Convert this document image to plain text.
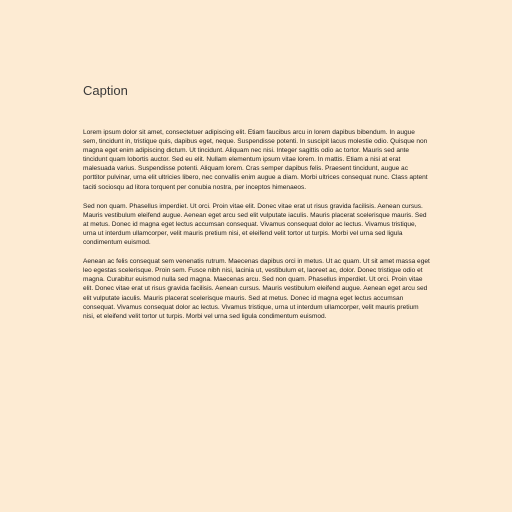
Caption

Lorem ipsum dolor sit amet, consectetuer adipiscing elit. Etiam faucibus arcu in lorem dapibus bibendum. In augue sem, tincidunt in, tristique quis, dapibus eget, neque. Suspendisse potenti. In suscipit lacus molestie odio. Quisque non magna eget enim adipiscing dictum. Ut tincidunt. Aliquam nec nisi. Integer sagittis odio ac tortor. Mauris sed ante tincidunt quam lobortis auctor. Sed eu elit. Nullam elementum ipsum vitae lorem. In mattis. Etiam a nisi at erat malesuada varius. Suspendisse potenti. Aliquam lorem. Cras semper dapibus felis. Praesent tincidunt, augue ac porttitor pulvinar, urna elit ultricies libero, nec convallis enim augue a diam. Morbi ultrices consequat nunc. Class aptent taciti sociosqu ad litora torquent per conubia nostra, per inceptos himenaeos.

Sed non quam. Phasellus imperdiet. Ut orci. Proin vitae elit. Donec vitae erat ut risus gravida facilisis. Aenean cursus. Mauris vestibulum eleifend augue. Aenean eget arcu sed elit vulputate iaculis. Mauris placerat scelerisque mauris. Sed at metus. Donec id magna eget lectus accumsan consequat. Vivamus consequat dolor ac lectus. Vivamus tristique, urna ut interdum ullamcorper, velit mauris pretium nisi, et eleifend velit tortor ut turpis. Morbi vel urna sed ligula condimentum euismod.

Aenean ac felis consequat sem venenatis rutrum. Maecenas dapibus orci in metus. Ut ac quam. Ut sit amet massa eget leo egestas scelerisque. Proin sem. Fusce nibh nisi, lacinia ut, vestibulum et, laoreet ac, dolor. Donec tristique odio et magna. Curabitur euismod nulla sed magna. Maecenas arcu. Sed non quam. Phasellus imperdiet. Ut orci. Proin vitae elit. Donec vitae erat ut risus gravida facilisis. Aenean cursus. Mauris vestibulum eleifend augue. Aenean eget arcu sed elit vulputate iaculis. Mauris placerat scelerisque mauris. Sed at metus. Donec id magna eget lectus accumsan consequat. Vivamus consequat dolor ac lectus. Vivamus tristique, urna ut interdum ullamcorper, velit mauris pretium nisi, et eleifend velit tortor ut turpis. Morbi vel urna sed ligula condimentum euismod.
